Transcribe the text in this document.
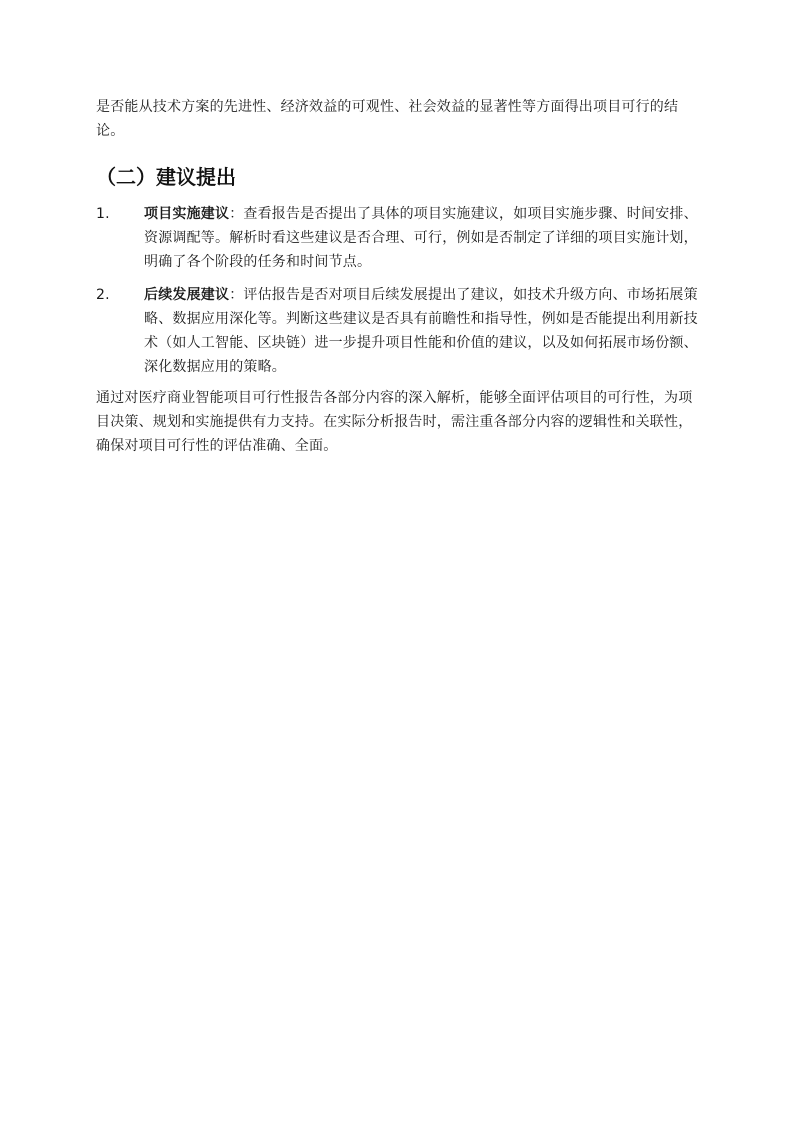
是否能从技术方案的先进性、经济效益的可观性、社会效益的显著性等方面得出项目可行的结论。

（二）建议提出
1.	项目实施建议：查看报告是否提出了具体的项目实施建议，如项目实施步骤、时间安排、资源调配等。解析时看这些建议是否合理、可行，例如是否制定了详细的项目实施计划，明确了各个阶段的任务和时间节点。

2.	后续发展建议：评估报告是否对项目后续发展提出了建议，如技术升级方向、市场拓展策略、数据应用深化等。判断这些建议是否具有前瞻性和指导性，例如是否能提出利用新技术（如人工智能、区块链）进一步提升项目性能和价值的建议，以及如何拓展市场份额、深化数据应用的策略。

通过对医疗商业智能项目可行性报告各部分内容的深入解析，能够全面评估项目的可行性，为项目决策、规划和实施提供有力支持。在实际分析报告时，需注重各部分内容的逻辑性和关联性，确保对项目可行性的评估准确、全面。
